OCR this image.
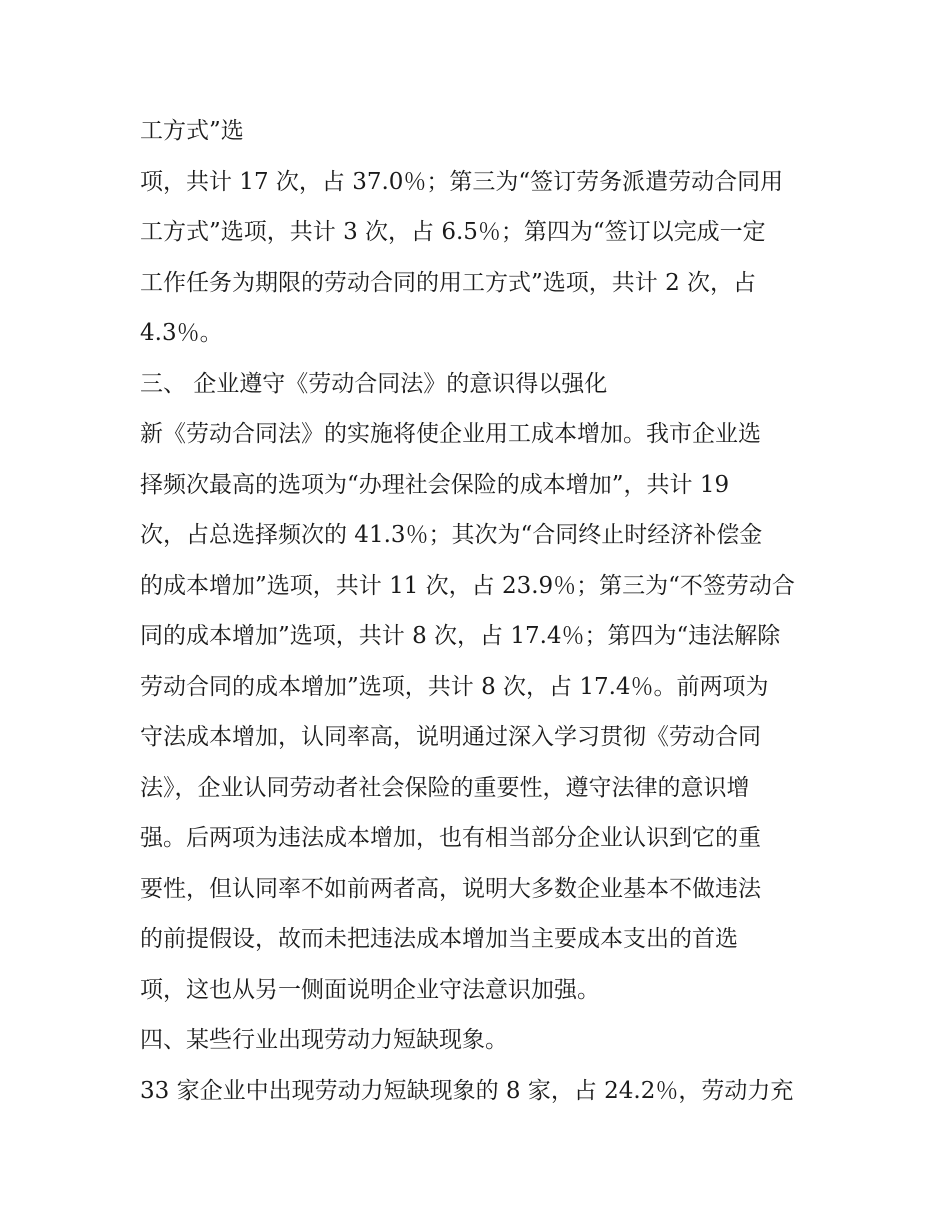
工方式”选
项，共计 17 次，占 37.0％；第三为“签订劳务派遣劳动合同用
工方式”选项，共计 3 次，占 6.5％；第四为“签订以完成一定
工作任务为期限的劳动合同的用工方式”选项，共计 2 次，占
4.3％。
三、 企业遵守《劳动合同法》的意识得以强化
新《劳动合同法》的实施将使企业用工成本增加。我市企业选
择频次最高的选项为“办理社会保险的成本增加”，共计 19
次，占总选择频次的 41.3％；其次为“合同终止时经济补偿金
的成本增加”选项，共计 11 次，占 23.9％；第三为“不签劳动合
同的成本增加”选项，共计 8 次，占 17.4％；第四为“违法解除
劳动合同的成本增加”选项，共计 8 次，占 17.4％。前两项为
守法成本增加，认同率高，说明通过深入学习贯彻《劳动合同
法》，企业认同劳动者社会保险的重要性，遵守法律的意识增
强。后两项为违法成本增加，也有相当部分企业认识到它的重
要性，但认同率不如前两者高，说明大多数企业基本不做违法
的前提假设，故而未把违法成本增加当主要成本支出的首选
项，这也从另一侧面说明企业守法意识加强。
四、某些行业出现劳动力短缺现象。
33 家企业中出现劳动力短缺现象的 8 家，占 24.2％，劳动力充
